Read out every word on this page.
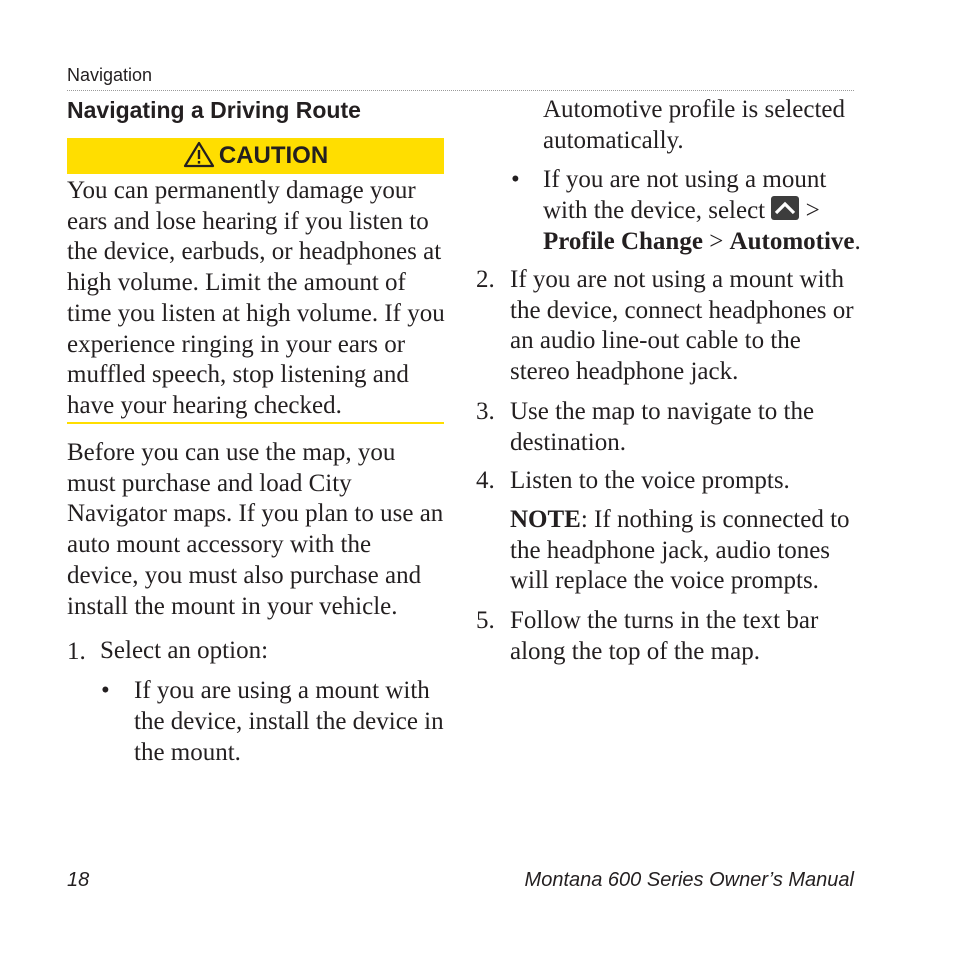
Navigation
Navigating a Driving Route
CAUTION
You can permanently damage your ears and lose hearing if you listen to the device, earbuds, or headphones at high volume. Limit the amount of time you listen at high volume. If you experience ringing in your ears or muffled speech, stop listening and have your hearing checked.
Before you can use the map, you must purchase and load City Navigator maps. If you plan to use an auto mount accessory with the device, you must also purchase and install the mount in your vehicle.
1. Select an option:
• If you are using a mount with
the device, install the device in
the mount.
Automotive profile is selected
automatically.
• If you are not using a mount
with the device, select >
Profile Change > Automotive.
2. If you are not using a mount with the device, connect headphones or an audio line-out cable to the stereo headphone jack.
3. Use the map to navigate to the destination.
4. Listen to the voice prompts.
NOTE: If nothing is connected to the headphone jack, audio tones will replace the voice prompts.
5. Follow the turns in the text bar along the top of the map.
18	Montana 600 Series Owner’s Manual
